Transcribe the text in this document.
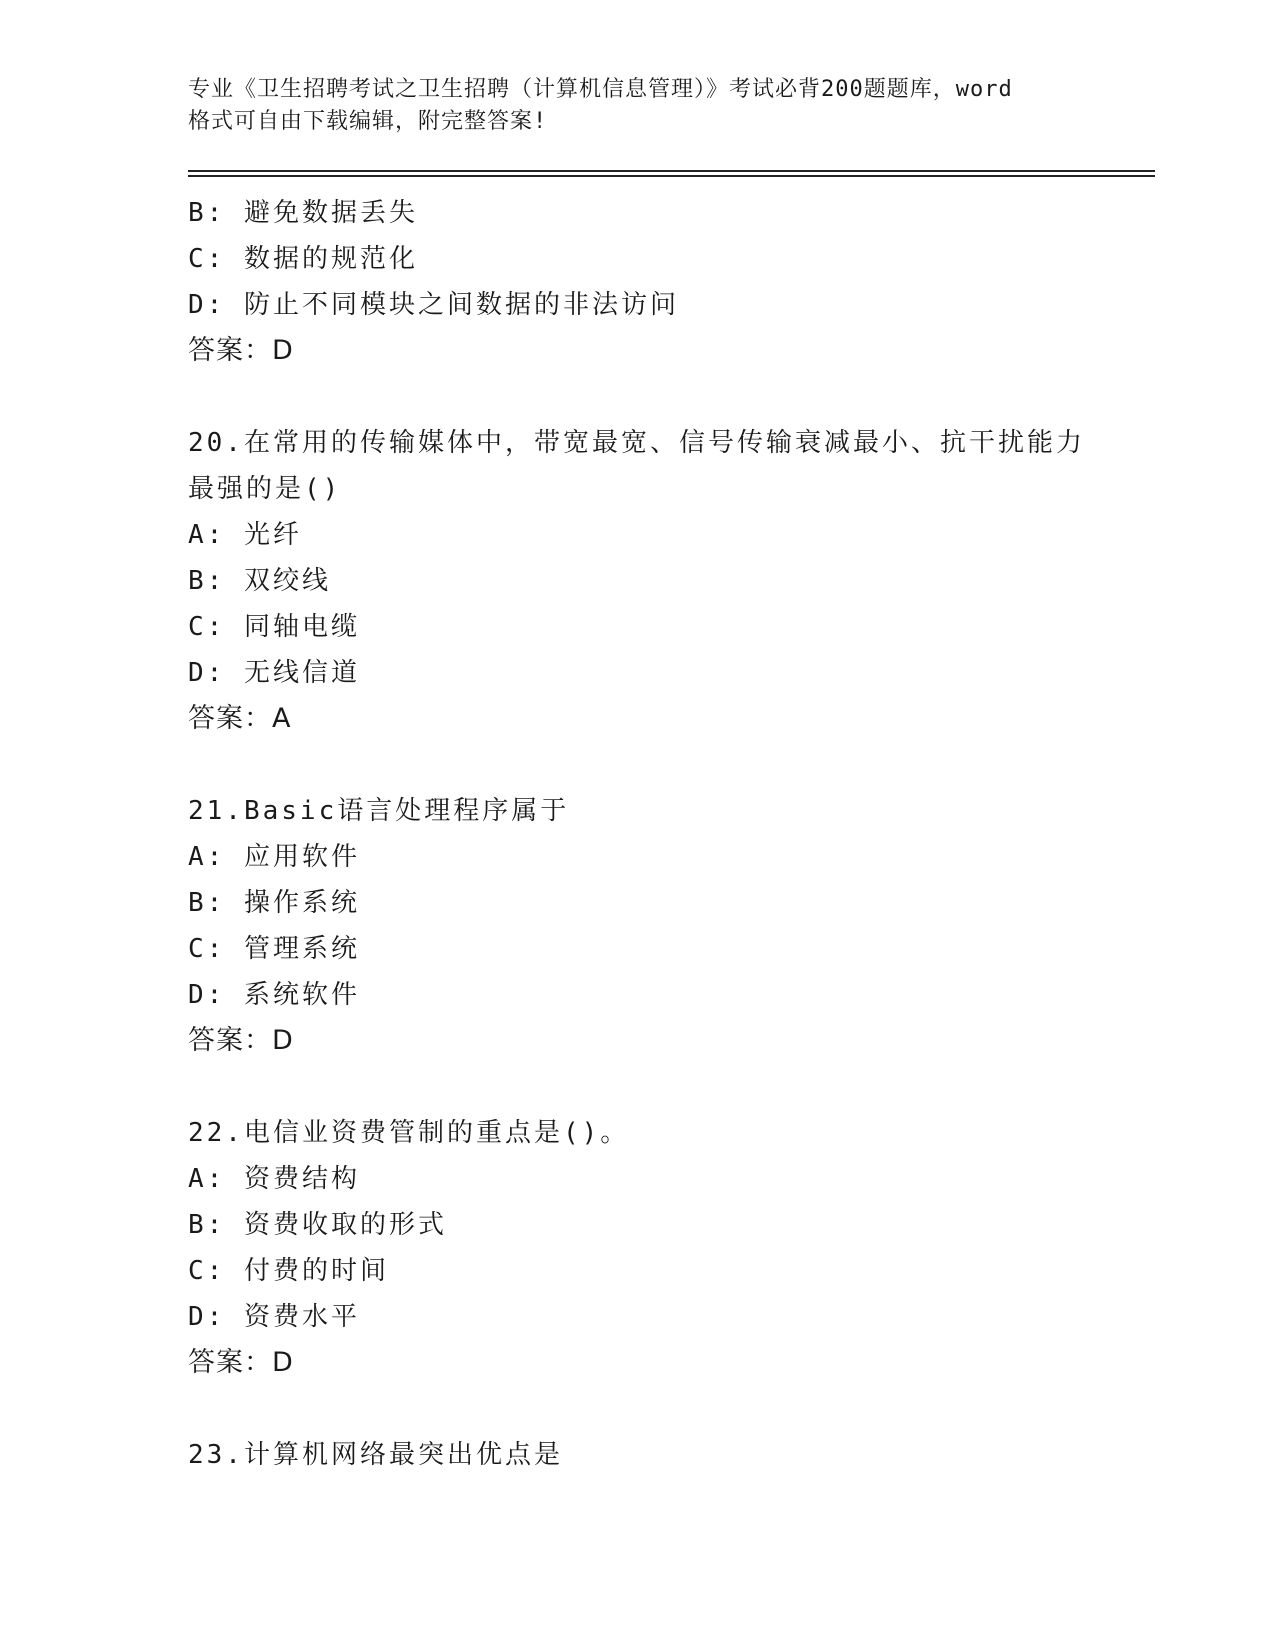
专业《卫生招聘考试之卫生招聘（计算机信息管理）》考试必背200题题库，word
格式可自由下载编辑，附完整答案!
B: 避免数据丢失
C: 数据的规范化
D: 防止不同模块之间数据的非法访问
答案：D
20.在常用的传输媒体中，带宽最宽、信号传输衰减最小、抗干扰能力
最强的是()
A: 光纤
B: 双绞线
C: 同轴电缆
D: 无线信道
答案：A
21.Basic语言处理程序属于
A: 应用软件
B: 操作系统
C: 管理系统
D: 系统软件
答案：D
22.电信业资费管制的重点是()。
A: 资费结构
B: 资费收取的形式
C: 付费的时间
D: 资费水平
答案：D
23.计算机网络最突出优点是
